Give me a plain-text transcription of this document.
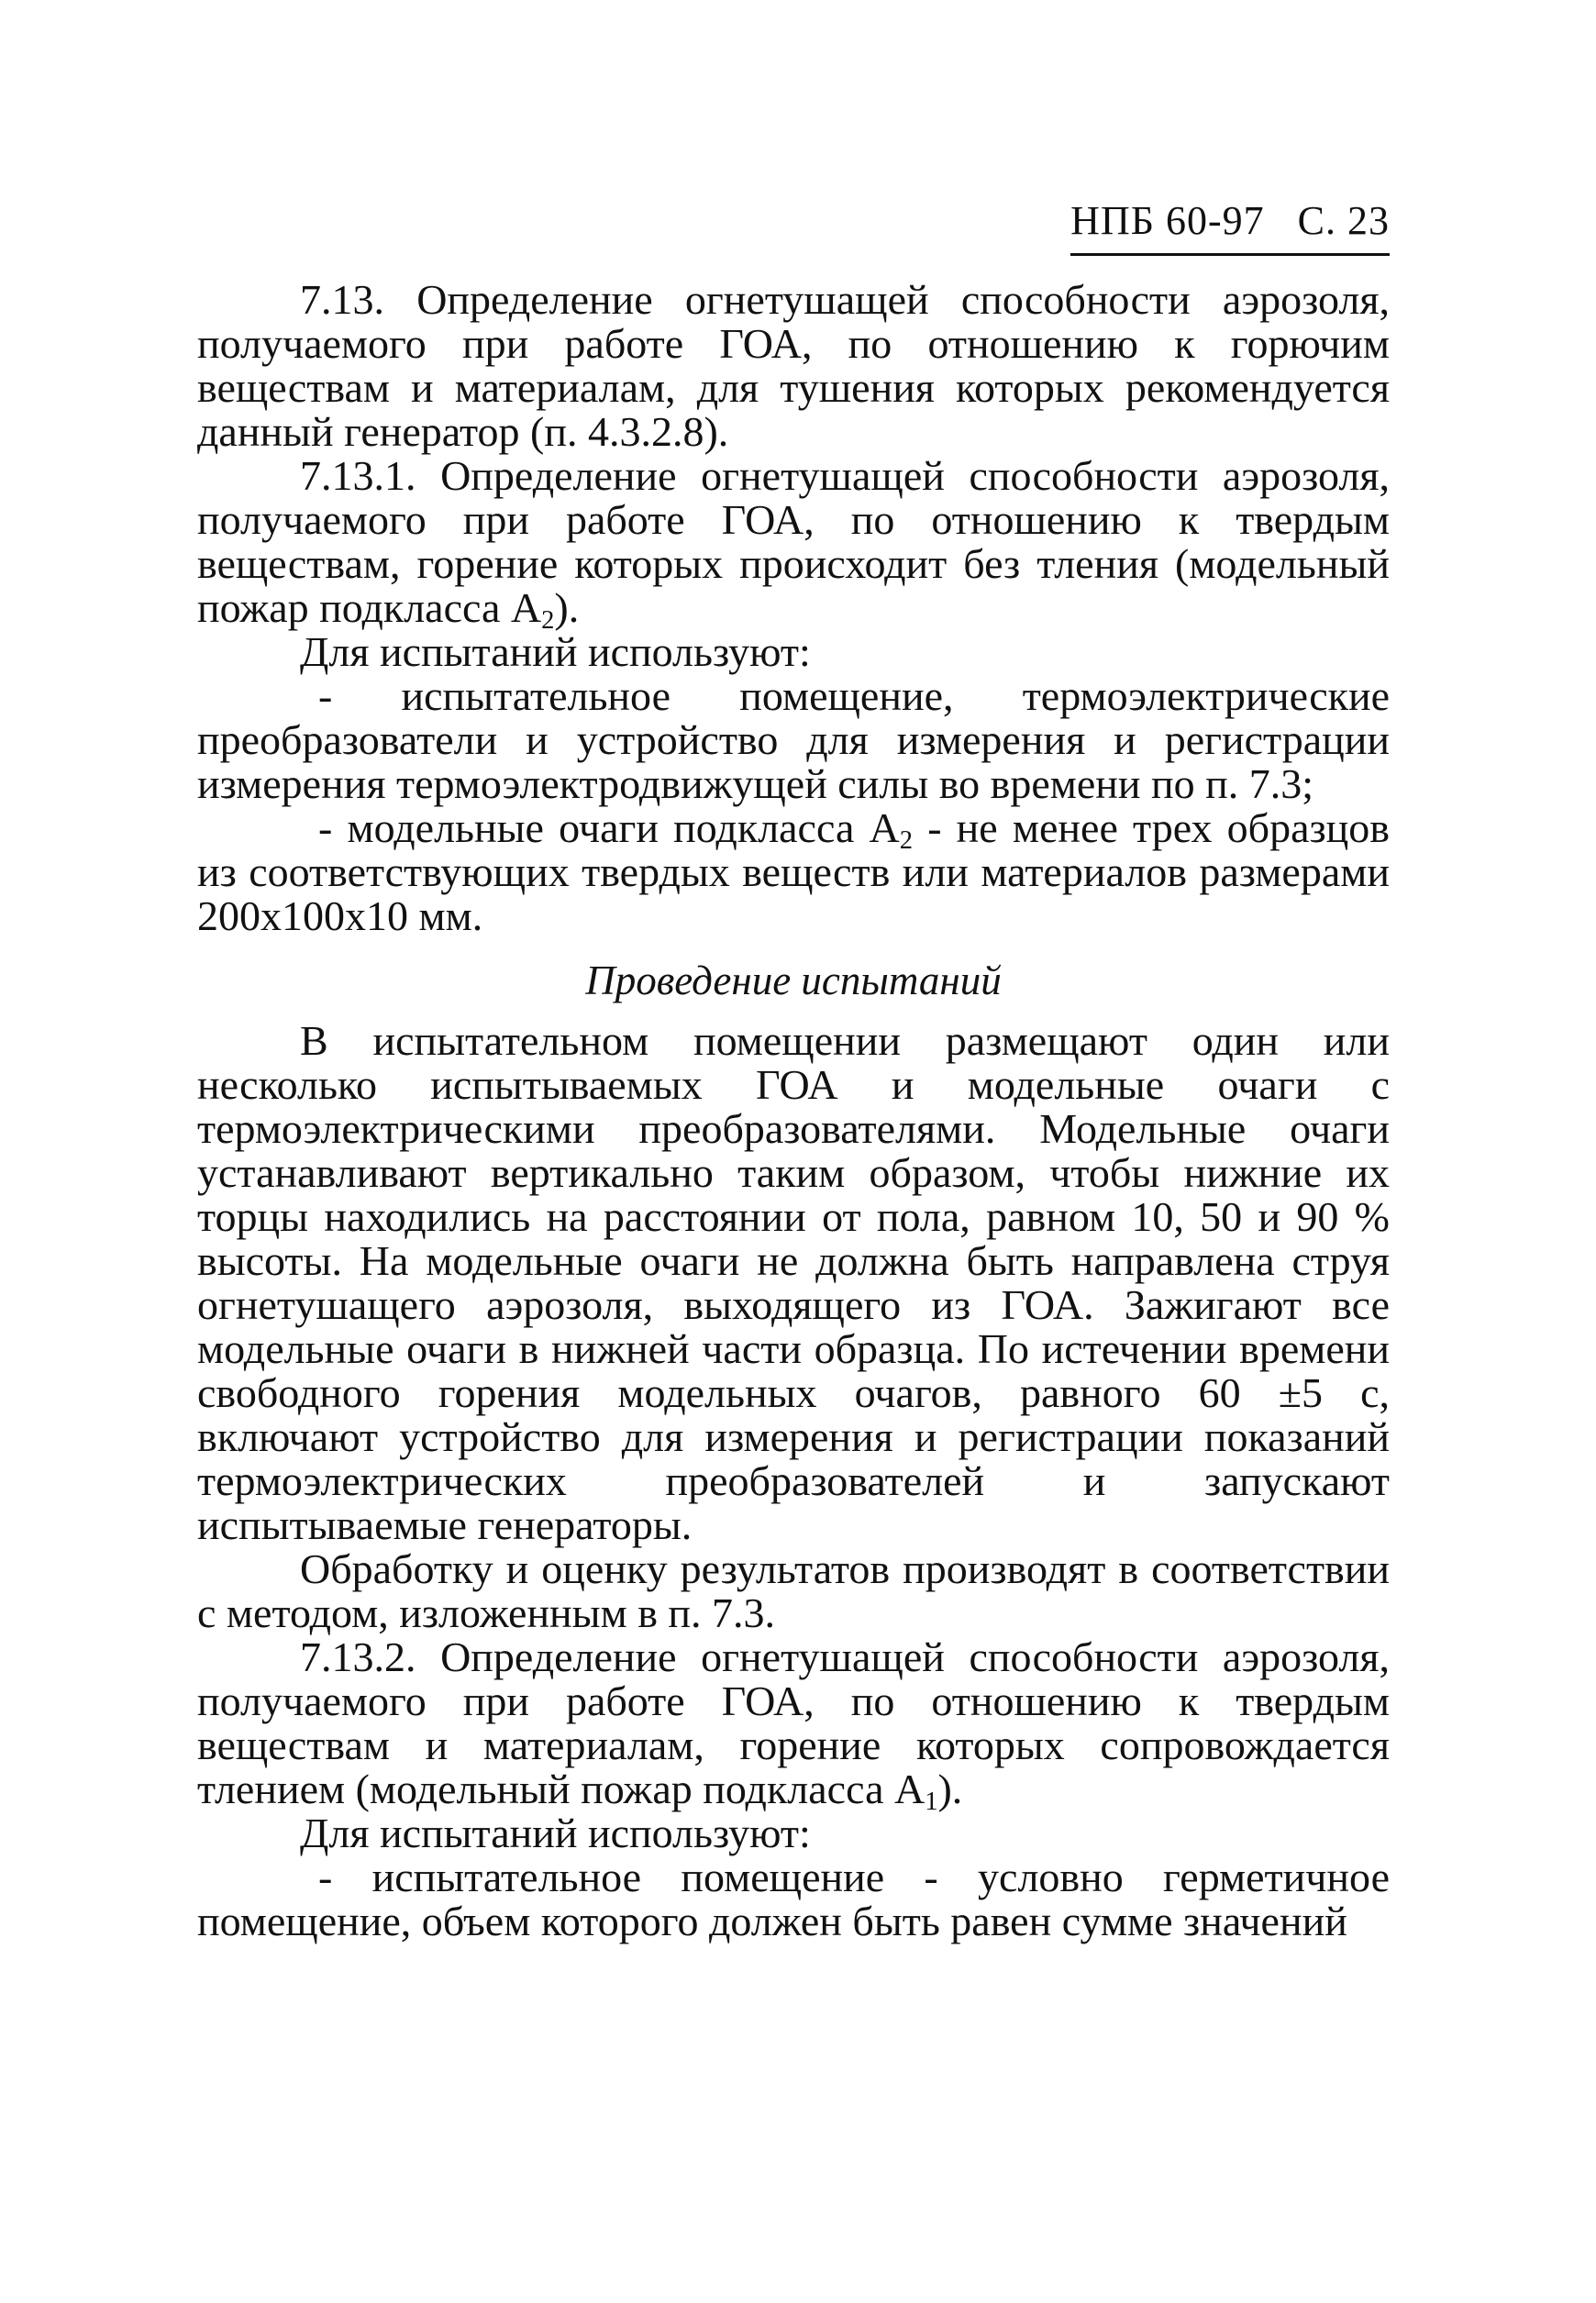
НПБ 60-97 С. 23

7.13. Определение огнетушащей способности аэрозоля, получаемого при работе ГОА, по отношению к горючим веществам и материалам, для тушения которых рекомендуется данный генератор (п. 4.3.2.8).

7.13.1. Определение огнетушащей способности аэрозоля, получаемого при работе ГОА, по отношению к твердым веществам, горение которых происходит без тления (модельный пожар подкласса $А_2$).

Для испытаний используют:

- испытательное помещение, термоэлектрические преобразователи и устройство для измерения и регистрации измерения термоэлектродвижущей силы во времени по п. 7.3;

- модельные очаги подкласса $А_2$ - не менее трех образцов из соответствующих твердых веществ или материалов размерами 200х100х10 мм.

Проведение испытаний

В испытательном помещении размещают один или несколько испытываемых ГОА и модельные очаги с термоэлектрическими преобразователями. Модельные очаги устанавливают вертикально таким образом, чтобы нижние их торцы находились на расстоянии от пола, равном 10, 50 и 90 % высоты. На модельные очаги не должна быть направлена струя огнетушащего аэрозоля, выходящего из ГОА. Зажигают все модельные очаги в нижней части образца. По истечении времени свободного горения модельных очагов, равного 60 ±5 с, включают устройство для измерения и регистрации показаний термоэлектрических преобразователей и запускают испытываемые генераторы.

Обработку и оценку результатов производят в соответствии с методом, изложенным в п. 7.3.

7.13.2. Определение огнетушащей способности аэрозоля, получаемого при работе ГОА, по отношению к твердым веществам и материалам, горение которых сопровождается тлением (модельный пожар подкласса $А_1$).

Для испытаний используют:

- испытательное помещение - условно герметичное помещение, объем которого должен быть равен сумме значений
